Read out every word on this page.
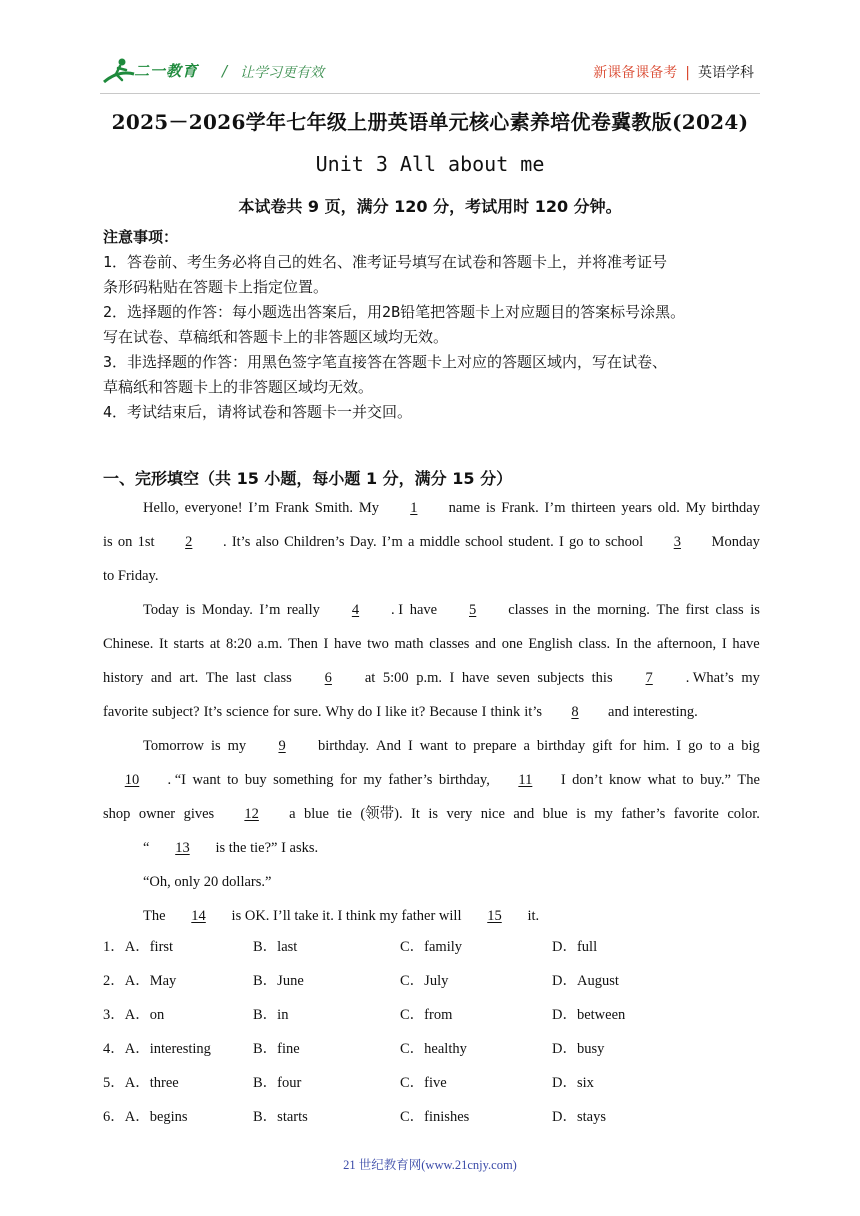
二一教育 / 让学习更有效	新课备课备考 | 英语学科
2025－2026学年七年级上册英语单元核心素养培优卷冀教版(2024)
Unit 3 All about me
本试卷共 9 页，满分 120 分，考试用时 120 分钟。
注意事项：
1．答卷前、考生务必将自己的姓名、准考证号填写在试卷和答题卡上，并将准考证号
条形码粘贴在答题卡上指定位置。
2．选择题的作答：每小题选出答案后，用2B铅笔把答题卡上对应题目的答案标号涂黑。
写在试卷、草稿纸和答题卡上的非答题区域均无效。
3．非选择题的作答：用黑色签字笔直接答在答题卡上对应的答题区域内，写在试卷、
草稿纸和答题卡上的非答题区域均无效。
4．考试结束后，请将试卷和答题卡一并交回。
一、完形填空（共 15 小题，每小题 1 分，满分 15 分）
Hello, everyone! I’m Frank Smith. My	1	name is Frank. I’m thirteen years old. My birthday
is on 1st	2	. It’s also Children’s Day. I’m a middle school student. I go to school	3	Monday
to Friday.
Today is Monday. I’m really	4	. I have	5	classes in the morning. The first class is
Chinese. It starts at 8:20 a.m. Then I have two math classes and one English class. In the afternoon, I have
history and art. The last class	6	at 5:00 p.m. I have seven subjects this	7	. What’s my
favorite subject? It’s science for sure. Why do I like it? Because I think it’s	8	and interesting.
Tomorrow is my	9	birthday. And I want to prepare a birthday gift for him. I go to a big
10	. “I want to buy something for my father’s birthday,	11	I don’t know what to buy.” The
shop owner gives	12	a blue tie (领带). It is very nice and blue is my father’s favorite color.
“	13	is the tie?” I asks.
“Oh, only 20 dollars.”
The	14	is OK. I’ll take it. I think my father will	15	it.
1．A．first	B．last	C．family	D．full
2．A．May	B．June	C．July	D．August
3．A．on	B．in	C．from	D．between
4．A．interesting	B．fine	C．healthy	D．busy
5．A．three	B．four	C．five	D．six
6．A．begins	B．starts	C．finishes	D．stays
21 世纪教育网(www.21cnjy.com)
